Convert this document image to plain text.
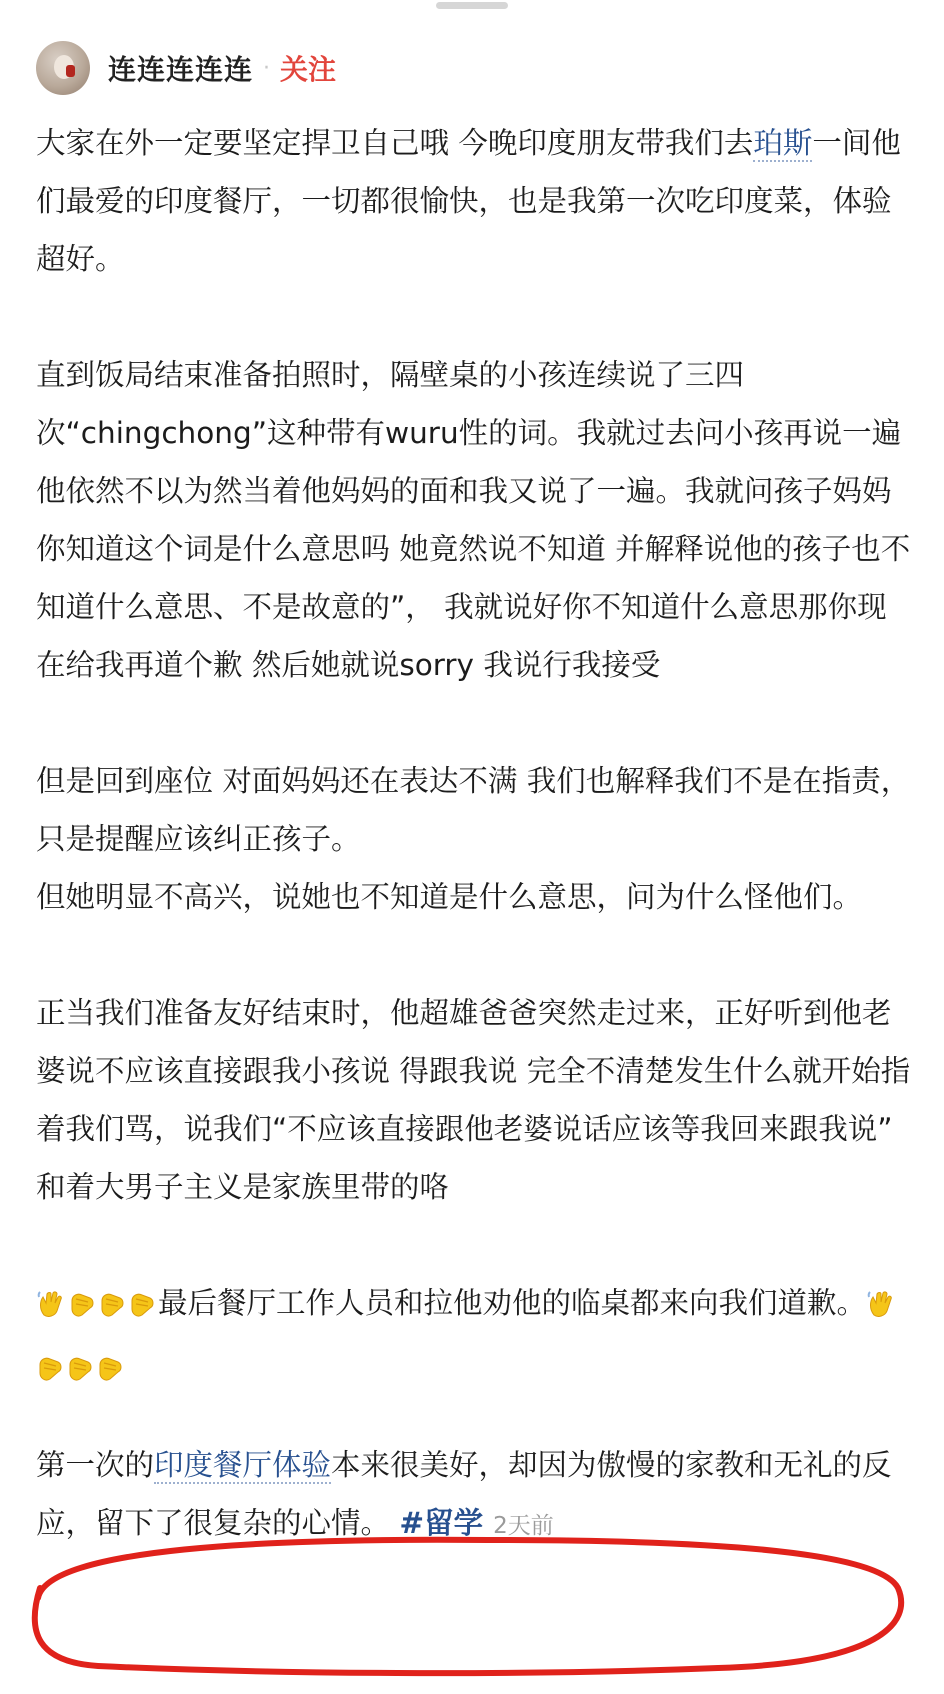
连连连连连 · 关注

大家在外一定要坚定捍卫自己哦 今晚印度朋友带我们去珀斯一间他们最爱的印度餐厅，一切都很愉快，也是我第一次吃印度菜，体验超好。

直到饭局结束准备拍照时，隔壁桌的小孩连续说了三四次“chingchong”这种带有wuru性的词。我就过去问小孩再说一遍 他依然不以为然当着他妈妈的面和我又说了一遍。我就问孩子妈妈你知道这个词是什么意思吗 她竟然说不知道 并解释说他的孩子也不知道什么意思、不是故意的”， 我就说好你不知道什么意思那你现在给我再道个歉 然后她就说sorry 我说行我接受

但是回到座位 对面妈妈还在表达不满 我们也解释我们不是在指责，只是提醒应该纠正孩子。

但她明显不高兴，说她也不知道是什么意思，问为什么怪他们。

正当我们准备友好结束时，他超雄爸爸突然走过来，正好听到他老婆说不应该直接跟我小孩说 得跟我说 完全不清楚发生什么就开始指着我们骂，说我们“不应该直接跟他老婆说话应该等我回来跟我说” 和着大男子主义是家族里带的咯

最后餐厅工作人员和拉他劝他的临桌都来向我们道歉。

第一次的印度餐厅体验本来很美好，却因为傲慢的家教和无礼的反应，留下了很复杂的心情。 #留学 2天前
